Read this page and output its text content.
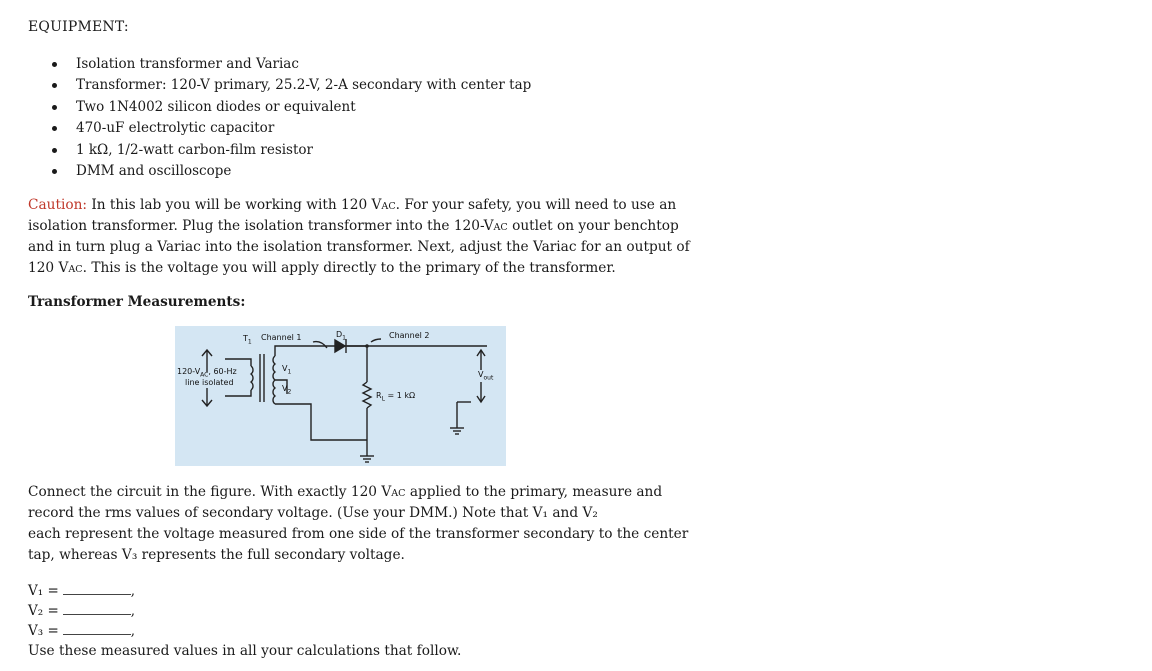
EQUIPMENT:
Isolation transformer and Variac
Transformer: 120-V primary, 25.2-V, 2-A secondary with center tap
Two 1N4002 silicon diodes or equivalent
470-uF electrolytic capacitor
1 kΩ, 1/2-watt carbon-film resistor
DMM and oscilloscope
Caution: In this lab you will be working with 120 VAC. For your safety, you will need to use an
isolation transformer. Plug the isolation transformer into the 120-VAC outlet on your benchtop
and in turn plug a Variac into the isolation transformer. Next, adjust the Variac for an output of
120 VAC. This is the voltage you will apply directly to the primary of the transformer.
Transformer Measurements:
$T_1$
Channel 1	$D_1$	Channel 2
$120-V_{AC}$, 60-Hz
line isolated
$V_1$
$V_2$	$R_L = 1$ kΩ
$V_{out}$
Connect the circuit in the figure. With exactly 120 VAC applied to the primary, measure and
record the rms values of secondary voltage. (Use your DMM.) Note that V₁ and V₂
each represent the voltage measured from one side of the transformer secondary to the center
tap, whereas V₃ represents the full secondary voltage.
V₁ =	,
V₂ =	,
V₃ =	,
Use these measured values in all your calculations that follow.
